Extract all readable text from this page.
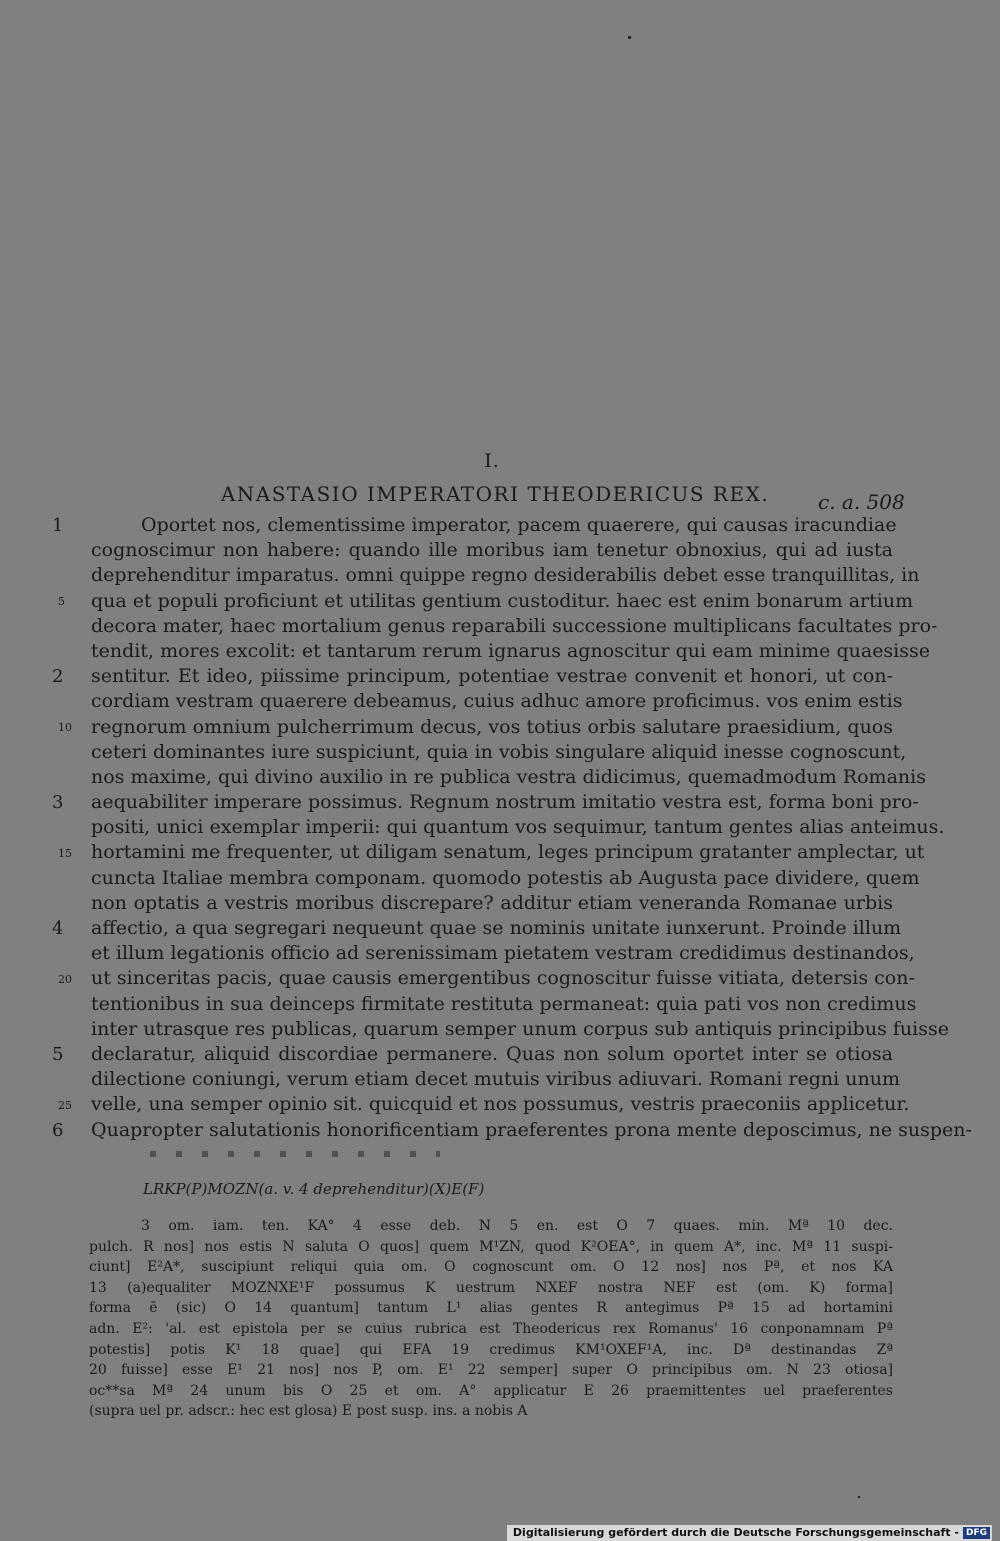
I.
ANASTASIO IMPERATORI THEODERICUS REX.	c. a. 508
1
2
3
4
5
6
5
10
15
20
25
Oportet nos, clementissime imperator, pacem quaerere, qui causas iracundiae
cognoscimur non habere: quando ille moribus iam tenetur obnoxius, qui ad iusta
deprehenditur imparatus. omni quippe regno desiderabilis debet esse tranquillitas, in
qua et populi proficiunt et utilitas gentium custoditur. haec est enim bonarum artium
decora mater, haec mortalium genus reparabili successione multiplicans facultates pro-
tendit, mores excolit: et tantarum rerum ignarus agnoscitur qui eam minime quaesisse
sentitur. Et ideo, piissime principum, potentiae vestrae convenit et honori, ut con-
cordiam vestram quaerere debeamus, cuius adhuc amore proficimus. vos enim estis
regnorum omnium pulcherrimum decus, vos totius orbis salutare praesidium, quos
ceteri dominantes iure suspiciunt, quia in vobis singulare aliquid inesse cognoscunt,
nos maxime, qui divino auxilio in re publica vestra didicimus, quemadmodum Romanis
aequabiliter imperare possimus. Regnum nostrum imitatio vestra est, forma boni pro-
positi, unici exemplar imperii: qui quantum vos sequimur, tantum gentes alias anteimus.
hortamini me frequenter, ut diligam senatum, leges principum gratanter amplectar, ut
cuncta Italiae membra componam. quomodo potestis ab Augusta pace dividere, quem
non optatis a vestris moribus discrepare? additur etiam veneranda Romanae urbis
affectio, a qua segregari nequeunt quae se nominis unitate iunxerunt. Proinde illum
et illum legationis officio ad serenissimam pietatem vestram credidimus destinandos,
ut sinceritas pacis, quae causis emergentibus cognoscitur fuisse vitiata, detersis con-
tentionibus in sua deinceps firmitate restituta permaneat: quia pati vos non credimus
inter utrasque res publicas, quarum semper unum corpus sub antiquis principibus fuisse
declaratur, aliquid discordiae permanere. Quas non solum oportet inter se otiosa
dilectione coniungi, verum etiam decet mutuis viribus adiuvari. Romani regni unum
velle, una semper opinio sit. quicquid et nos possumus, vestris praeconiis applicetur.
Quapropter salutationis honorificentiam praeferentes prona mente deposcimus, ne suspen-
LRKP(P)MOZN(a. v. 4 deprehenditur)(X)E(F)
3 om. iam. ten. KA° 4 esse deb. N 5 en. est O 7 quaes. min. Mª 10 dec.
pulch. R nos] nos estis N saluta O quos] quem M¹ZN, quod K²OEA°, in quem A*, inc. Mª 11 suspi-
ciunt] E²A*, suscipiunt reliqui quia om. O cognoscunt om. O 12 nos] nos Pª, et nos KA
13 (a)equaliter MOZNXE¹F possumus K uestrum NXEF nostra NEF est (om. K) forma]
forma ē (sic) O 14 quantum] tantum L¹ alias gentes R antegimus Pª 15 ad hortamini
adn. E²: 'al. est epistola per se cuius rubrica est Theodericus rex Romanus' 16 conponamnam Pª
potestis] potis K¹ 18 quae] qui EFA 19 credimus KM¹OXEF¹A, inc. Dª destinandas Zª
20 fuisse] esse E¹ 21 nos] nos P, om. E¹ 22 semper] super O principibus om. N 23 otiosa]
oc**sa Mª 24 unum bis O 25 et om. A° applicatur E 26 praemittentes uel praeferentes
(supra uel pr. adscr.: hec est glosa) E post susp. ins. a nobis A
Digitalisierung gefördert durch die Deutsche Forschungsgemeinschaft - DFG
